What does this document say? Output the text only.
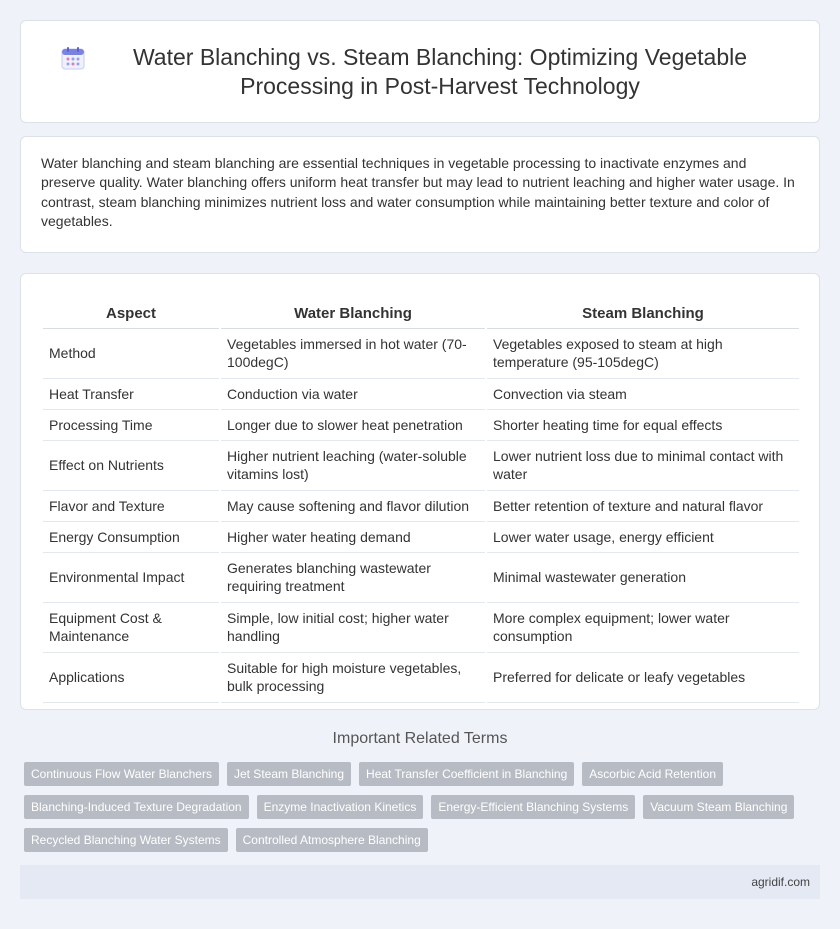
Water Blanching vs. Steam Blanching: Optimizing Vegetable Processing in Post-Harvest Technology

Water blanching and steam blanching are essential techniques in vegetable processing to inactivate enzymes and preserve quality. Water blanching offers uniform heat transfer but may lead to nutrient leaching and higher water usage. In contrast, steam blanching minimizes nutrient loss and water consumption while maintaining better texture and color of vegetables.

Aspect	Water Blanching	Steam Blanching
Method	Vegetables immersed in hot water (70-100degC)	Vegetables exposed to steam at high temperature (95-105degC)
Heat Transfer	Conduction via water	Convection via steam
Processing Time	Longer due to slower heat penetration	Shorter heating time for equal effects
Effect on Nutrients	Higher nutrient leaching (water-soluble vitamins lost)	Lower nutrient loss due to minimal contact with water
Flavor and Texture	May cause softening and flavor dilution	Better retention of texture and natural flavor
Energy Consumption	Higher water heating demand	Lower water usage, energy efficient
Environmental Impact	Generates blanching wastewater requiring treatment	Minimal wastewater generation
Equipment Cost & Maintenance	Simple, low initial cost; higher water handling	More complex equipment; lower water consumption
Applications	Suitable for high moisture vegetables, bulk processing	Preferred for delicate or leafy vegetables
Important Related Terms
Continuous Flow Water Blanchers	Jet Steam Blanching	Heat Transfer Coefficient in Blanching	Ascorbic Acid Retention
Blanching-Induced Texture Degradation	Enzyme Inactivation Kinetics	Energy-Efficient Blanching Systems	Vacuum Steam Blanching
Recycled Blanching Water Systems	Controlled Atmosphere Blanching
agridif.com
